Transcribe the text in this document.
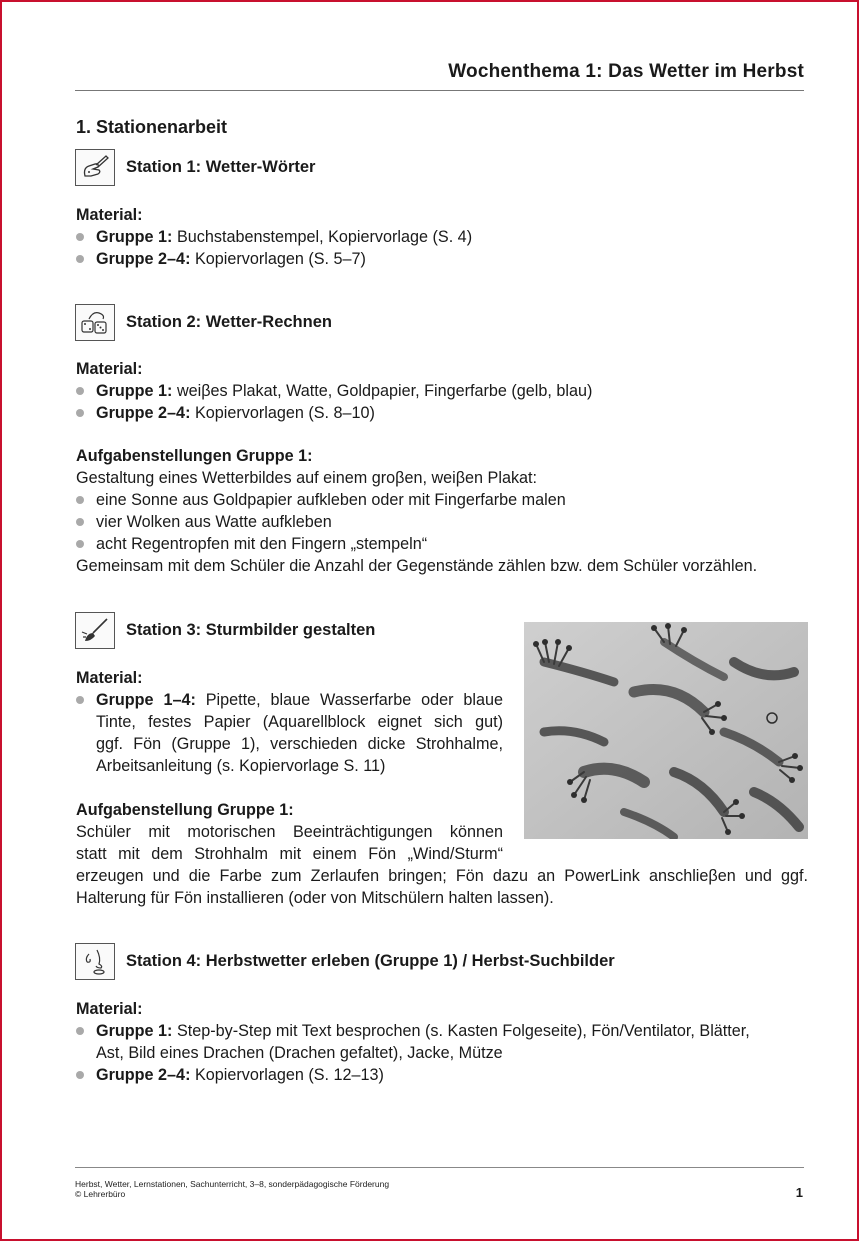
Wochenthema 1: Das Wetter im Herbst
1. Stationenarbeit
Station 1: Wetter-Wörter
Material:
Gruppe 1: Buchstabenstempel, Kopiervorlage (S. 4)
Gruppe 2–4: Kopiervorlagen (S. 5–7)
Station 2: Wetter-Rechnen
Material:
Gruppe 1: weiβes Plakat, Watte, Goldpapier, Fingerfarbe (gelb, blau)
Gruppe 2–4: Kopiervorlagen (S. 8–10)
Aufgabenstellungen Gruppe 1:
Gestaltung eines Wetterbildes auf einem groβen, weiβen Plakat:
eine Sonne aus Goldpapier aufkleben oder mit Fingerfarbe malen
vier Wolken aus Watte aufkleben
acht Regentropfen mit den Fingern „stempeln“
Gemeinsam mit dem Schüler die Anzahl der Gegenstände zählen bzw. dem Schüler vorzählen.
Station 3: Sturmbilder gestalten
Material:
Gruppe 1–4: Pipette, blaue Wasserfarbe oder blaue
Tinte, festes Papier (Aquarellblock eignet sich gut)
ggf. Fön (Gruppe 1), verschieden dicke Strohhalme,
Arbeitsanleitung (s. Kopiervorlage S. 11)
Aufgabenstellung Gruppe 1:
Schüler mit motorischen Beeinträchtigungen können
statt mit dem Strohhalm mit einem Fön „Wind/Sturm“
erzeugen und die Farbe zum Zerlaufen bringen; Fön dazu an PowerLink anschlieβen und ggf.
Halterung für Fön installieren (oder von Mitschülern halten lassen).
Station 4: Herbstwetter erleben (Gruppe 1) / Herbst-Suchbilder
Material:
Gruppe 1: Step-by-Step mit Text besprochen (s. Kasten Folgeseite), Fön/Ventilator, Blätter,
Ast, Bild eines Drachen (Drachen gefaltet), Jacke, Mütze
Gruppe 2–4: Kopiervorlagen (S. 12–13)
Herbst, Wetter, Lernstationen, Sachunterricht, 3–8, sonderpädagogische Förderung
© Lehrerbüro	1
